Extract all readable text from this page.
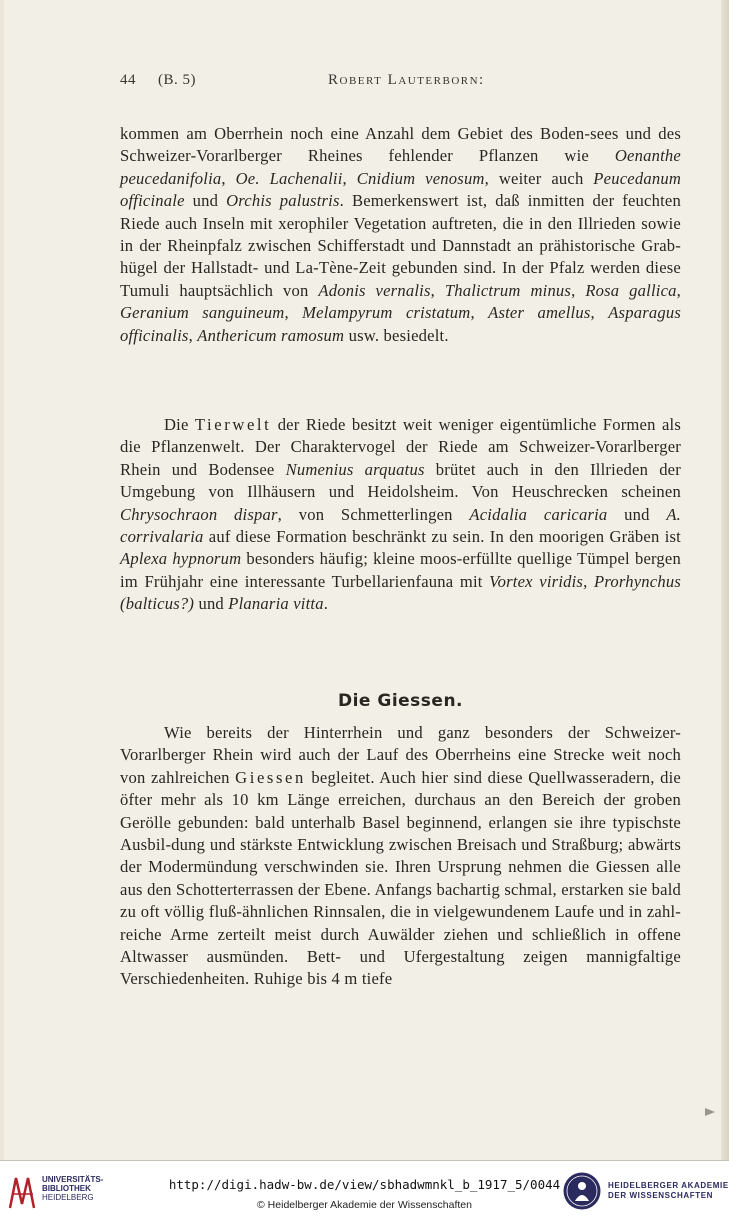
44 (B. 5)	Robert Lauterborn:

kommen am Oberrhein noch eine Anzahl dem Gebiet des Boden-sees und des Schweizer-Vorarlberger Rheines fehlender Pflanzen wie Oenanthe peucedanifolia, Oe. Lachenalii, Cnidium venosum, weiter auch Peucedanum officinale und Orchis palustris. Bemerkenswert ist, daß inmitten der feuchten Riede auch Inseln mit xerophiler Vegetation auftreten, die in den Illrieden sowie in der Rheinpfalz zwischen Schifferstadt und Dannstadt an prähistorische Grab-hügel der Hallstadt- und La-Tène-Zeit gebunden sind. In der Pfalz werden diese Tumuli hauptsächlich von Adonis vernalis, Thalictrum minus, Rosa gallica, Geranium sanguineum, Melampyrum cristatum, Aster amellus, Asparagus officinalis, Anthericum ramosum usw. besiedelt.

Die Tierwelt der Riede besitzt weit weniger eigentümliche Formen als die Pflanzenwelt. Der Charaktervogel der Riede am Schweizer-Vorarlberger Rhein und Bodensee Numenius arquatus brütet auch in den Illrieden der Umgebung von Illhäusern und Heidolsheim. Von Heuschrecken scheinen Chrysochraon dispar, von Schmetterlingen Acidalia caricaria und A. corrivalaria auf diese Formation beschränkt zu sein. In den moorigen Gräben ist Aplexa hypnorum besonders häufig; kleine moos-erfüllte quellige Tümpel bergen im Frühjahr eine interessante Turbellarienfauna mit Vortex viridis, Prorhynchus (balticus?) und Planaria vitta.

Die Giessen.

Wie bereits der Hinterrhein und ganz besonders der Schweizer-Vorarlberger Rhein wird auch der Lauf des Oberrheins eine Strecke weit noch von zahlreichen Giessen begleitet. Auch hier sind diese Quellwasseradern, die öfter mehr als 10 km Länge erreichen, durchaus an den Bereich der groben Gerölle gebunden: bald unterhalb Basel beginnend, erlangen sie ihre typischste Ausbil-dung und stärkste Entwicklung zwischen Breisach und Straßburg; abwärts der Modermündung verschwinden sie. Ihren Ursprung nehmen die Giessen alle aus den Schotterterrassen der Ebene. Anfangs bachartig schmal, erstarken sie bald zu oft völlig fluß-ähnlichen Rinnsalen, die in vielgewundenem Laufe und in zahl-reiche Arme zerteilt meist durch Auwälder ziehen und schließlich in offene Altwasser ausmünden. Bett- und Ufergestaltung zeigen mannigfaltige Verschiedenheiten. Ruhige bis 4 m tiefe

UNIVERSITÄTS-
BIBLIOTHEK
HEIDELBERG
http://digi.hadw-bw.de/view/sbhadwmnkl_b_1917_5/0044
© Heidelberger Akademie der Wissenschaften
HEIDELBERGER AKADEMIE
DER WISSENSCHAFTEN
